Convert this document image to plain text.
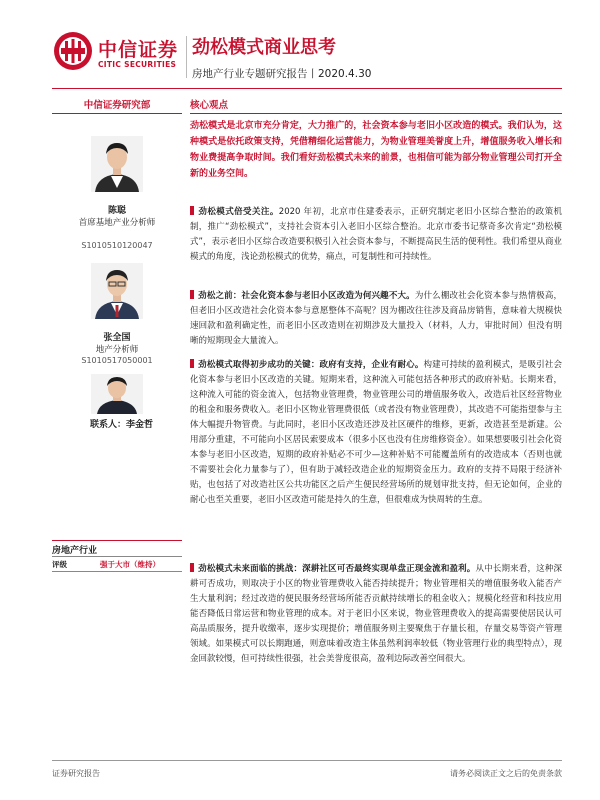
中信证券
CITIC SECURITIES
劲松模式商业思考
房地产行业专题研究报告丨2020.4.30
中信证券研究部
陈聪
首席基地产业分析师
S1010510120047
张全国
地产分析师
S1010517050001
联系人：李金哲
房地产行业
评级	强于大市（维持）
核心观点
劲松模式是北京市充分肯定，大力推广的，社会资本参与老旧小区改造的模式。我们认为，这种模式是依托政策支持，凭借精细化运营能力，为物业管理美誉度上升，增值服务收入增长和物业费提高争取时间。我们看好劲松模式未来的前景，也相信可能为部分物业管理公司打开全新的业务空间。
劲松模式倍受关注。2020 年初，北京市住建委表示，正研究制定老旧小区综合整治的政策机制，推广“劲松模式”，支持社会资本引入老旧小区综合整治。北京市委书记蔡奇多次肯定“劲松模式”，表示老旧小区综合改造要积极引入社会资本参与，不断提高民生活的便利性。我们希望从商业模式的角度，浅论劲松模式的优势，痛点，可复制性和可持续性。
劲松之前：社会化资本参与老旧小区改造为何兴趣不大。为什么棚改社会化资本参与热情极高，但老旧小区改造社会化资本参与意愿整体不高呢？因为棚改往往涉及商品房销售，意味着大规模快速回款和盈利确定性，而老旧小区改造则在初期涉及大量投入（材料，人力，审批时间）但没有明晰的短期现金大量流入。
劲松模式取得初步成功的关键：政府有支持，企业有耐心。构建可持续的盈利模式，是吸引社会化资本参与老旧小区改造的关键。短期来看，这种流入可能包括各种形式的政府补贴。长期来看，这种流入可能的资金流入，包括物业管理费，物业管理公司的增值服务收入，改造后社区经营物业的租金和服务费收入。老旧小区物业管理费很低（或者没有物业管理费），其改造不可能指望参与主体大幅提升物管费。与此同时，老旧小区改造还涉及社区硬件的维修，更新，改造甚至是新建。公用部分重建，不可能向小区居民索要成本（很多小区也没有住房维修资金）。如果想要吸引社会化资本参与老旧小区改造，短期的政府补贴必不可少—这种补贴不可能覆盖所有的改造成本（否则也就不需要社会化力量参与了），但有助于减轻改造企业的短期资金压力。政府的支持不局限于经济补贴，也包括了对改造社区公共功能区之后产生便民经营场所的规划审批支持，但无论如何，企业的耐心也至关重要，老旧小区改造可能是持久的生意，但很难成为快周转的生意。
劲松模式未来面临的挑战：深耕社区可否最终实现单盘正现金流和盈利。从中长期来看，这种深耕可否成功，则取决于小区的物业管理费收入能否持续提升；物业管理相关的增值服务收入能否产生大量利润；经过改造的便民服务经营场所能否贡献持续增长的租金收入；规模化经营和科技应用能否降低日常运营和物业管理的成本。对于老旧小区来说，物业管理费收入的提高需要使居民认可高品质服务，提升收缴率，逐步实现提价；增值服务则主要聚焦于存量长租，存量交易等资产管理领域。如果模式可以长期跑通，则意味着改造主体虽然利润率较低（物业管理行业的典型特点），现金回款较慢，但可持续性很强，社会美誉度很高，盈利边际改善空间很大。
证券研究报告	请务必阅读正文之后的免责条款
